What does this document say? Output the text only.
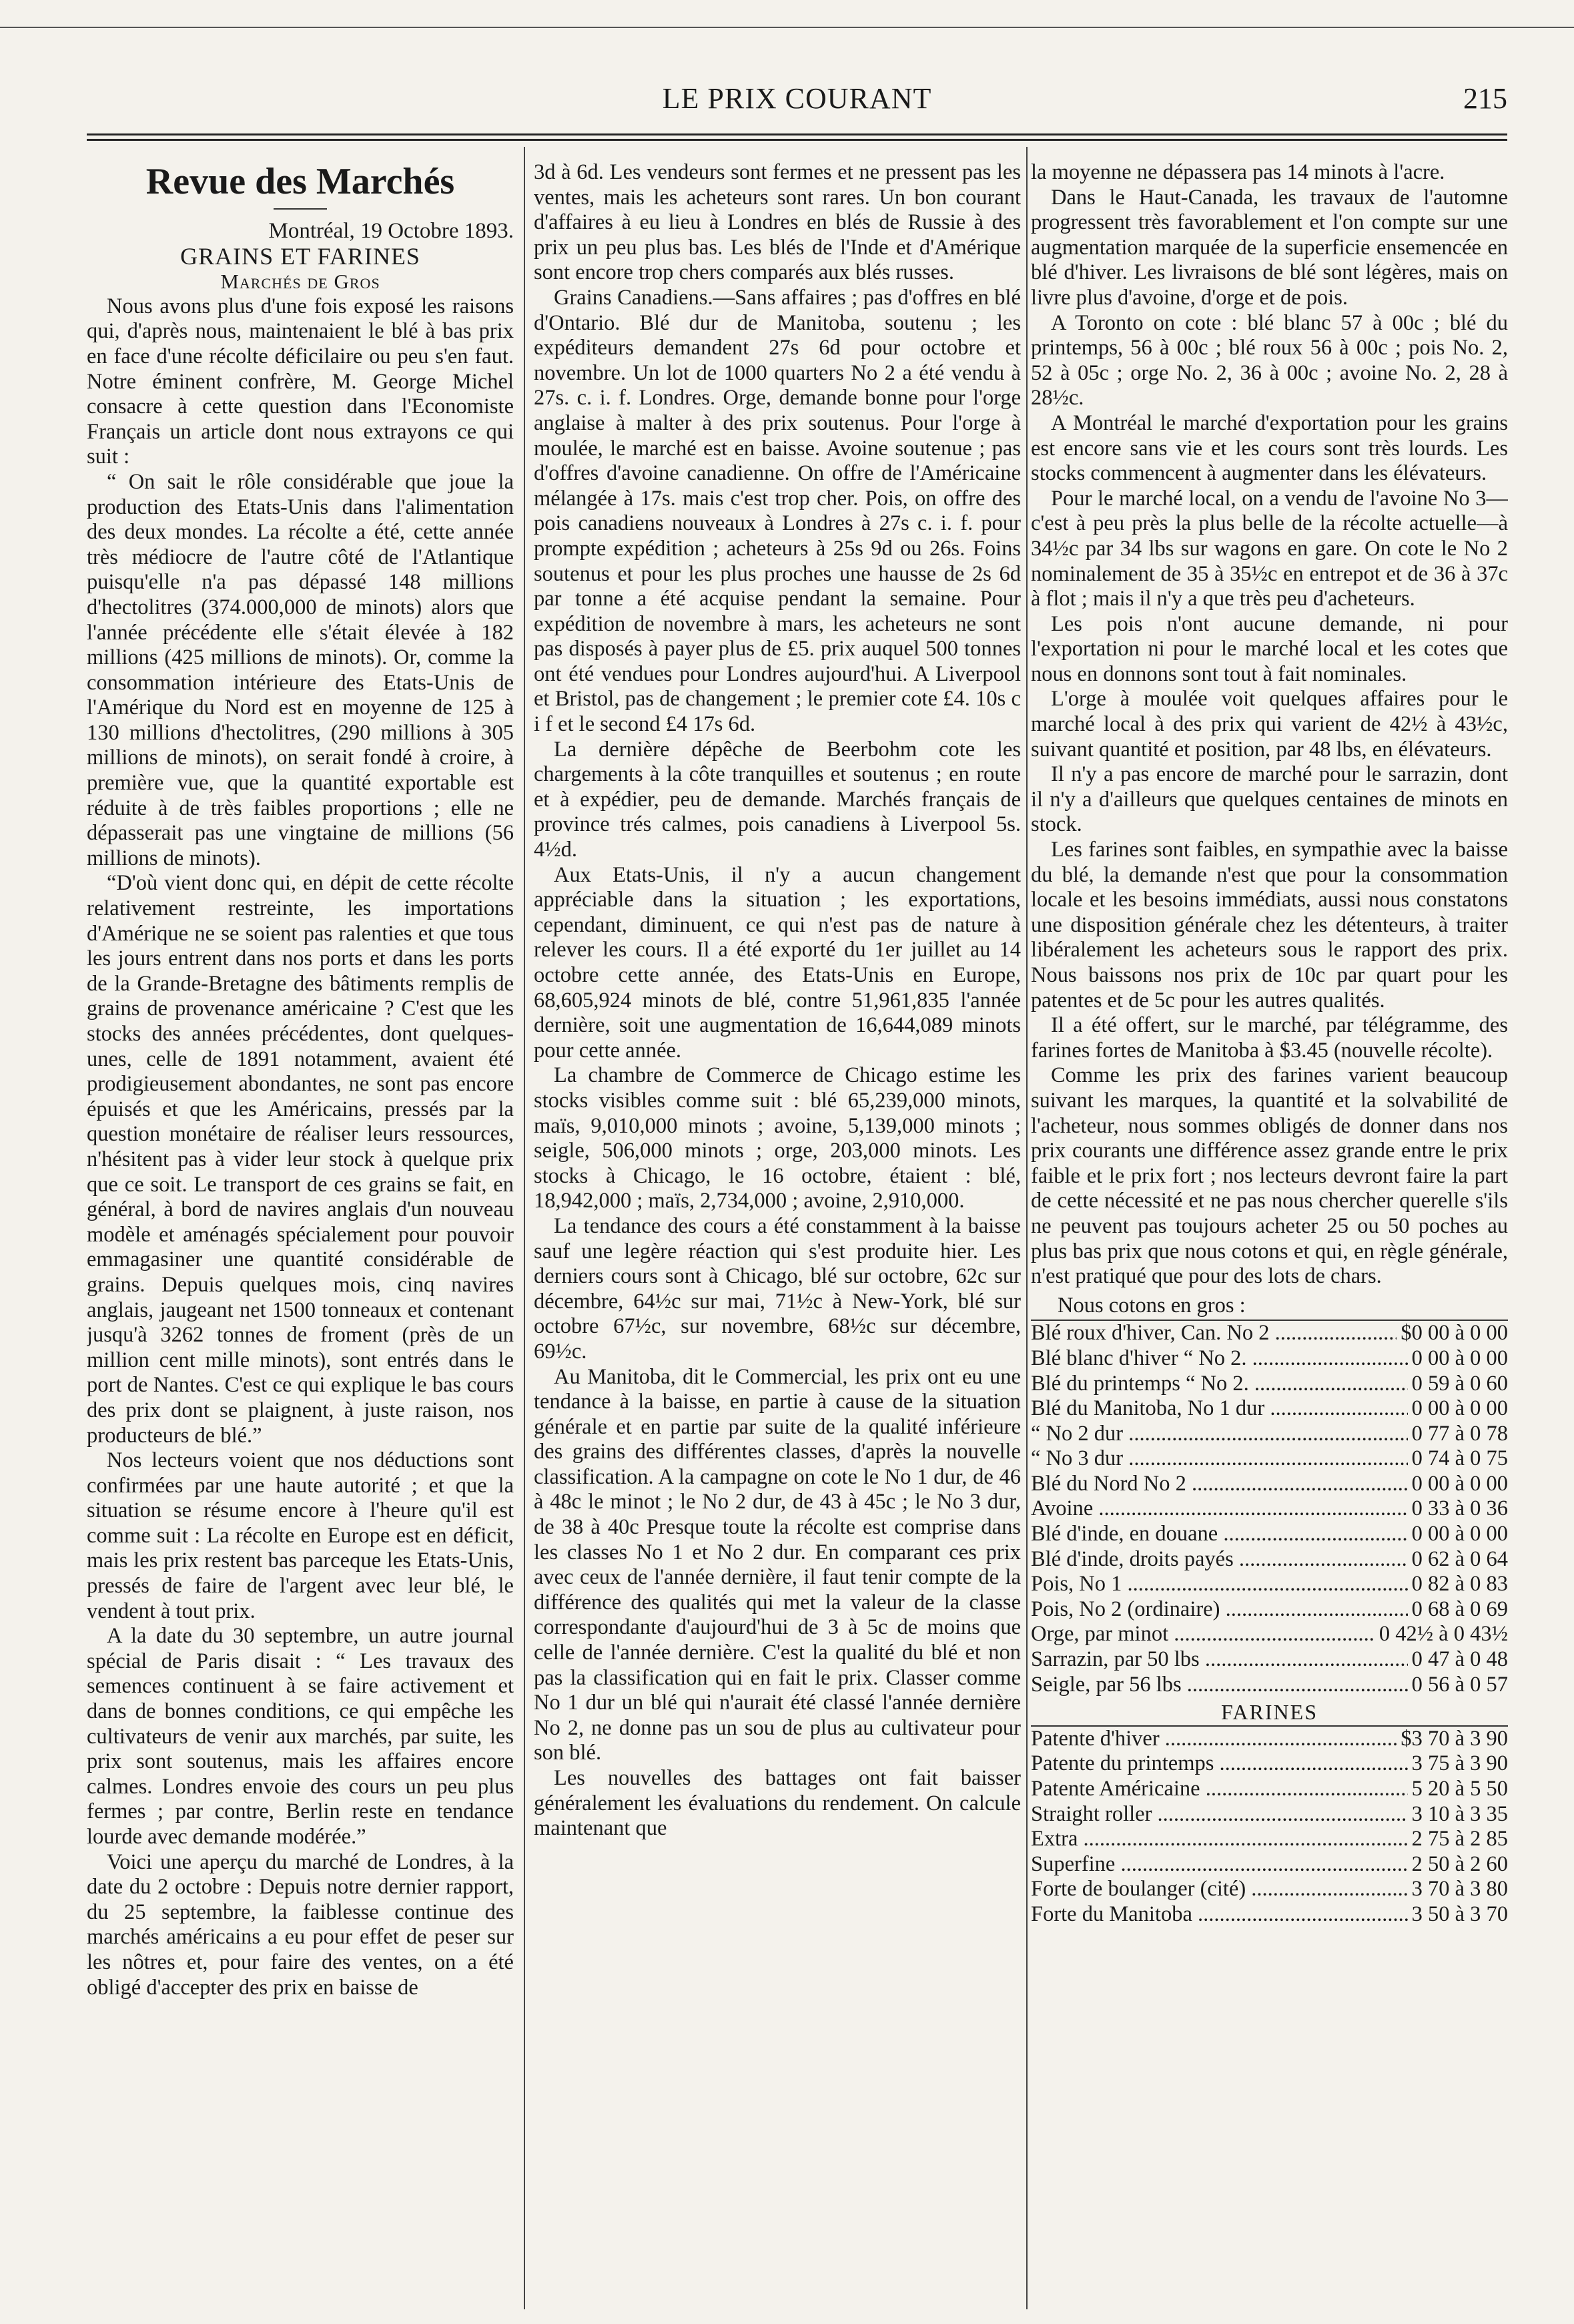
LE PRIX COURANT	215
Revue des Marchés
Montréal, 19 Octobre 1893.
GRAINS ET FARINES
Marchés de Gros

Nous avons plus d'une fois exposé les raisons qui, d'après nous, maintenaient le blé à bas prix en face d'une récolte déficilaire ou peu s'en faut. Notre éminent confrère, M. George Michel consacre à cette question dans l'Economiste Français un article dont nous extrayons ce qui suit :

“ On sait le rôle considérable que joue la production des Etats-Unis dans l'alimentation des deux mondes. La récolte a été, cette année très médiocre de l'autre côté de l'Atlantique puisqu'elle n'a pas dépassé 148 millions d'hectolitres (374.000,000 de minots) alors que l'année précédente elle s'était élevée à 182 millions (425 millions de minots). Or, comme la consommation intérieure des Etats-Unis de l'Amérique du Nord est en moyenne de 125 à 130 millions d'hectolitres, (290 millions à 305 millions de minots), on serait fondé à croire, à première vue, que la quantité exportable est réduite à de très faibles proportions ; elle ne dépasserait pas une vingtaine de millions (56 millions de minots).

“D'où vient donc qui, en dépit de cette récolte relativement restreinte, les importations d'Amérique ne se soient pas ralenties et que tous les jours entrent dans nos ports et dans les ports de la Grande-Bretagne des bâtiments remplis de grains de provenance américaine ? C'est que les stocks des années précédentes, dont quelques-unes, celle de 1891 notamment, avaient été prodigieusement abondantes, ne sont pas encore épuisés et que les Américains, pressés par la question monétaire de réaliser leurs ressources, n'hésitent pas à vider leur stock à quelque prix que ce soit. Le transport de ces grains se fait, en général, à bord de navires anglais d'un nouveau modèle et aménagés spécialement pour pouvoir emmagasiner une quantité considérable de grains. Depuis quelques mois, cinq navires anglais, jaugeant net 1500 tonneaux et contenant jusqu'à 3262 tonnes de froment (près de un million cent mille minots), sont entrés dans le port de Nantes. C'est ce qui explique le bas cours des prix dont se plaignent, à juste raison, nos producteurs de blé.”

Nos lecteurs voient que nos déductions sont confirmées par une haute autorité ; et que la situation se résume encore à l'heure qu'il est comme suit : La récolte en Europe est en déficit, mais les prix restent bas parceque les Etats-Unis, pressés de faire de l'argent avec leur blé, le vendent à tout prix.

A la date du 30 septembre, un autre journal spécial de Paris disait : “ Les travaux des semences continuent à se faire activement et dans de bonnes conditions, ce qui empêche les cultivateurs de venir aux marchés, par suite, les prix sont soutenus, mais les affaires encore calmes. Londres envoie des cours un peu plus fermes ; par contre, Berlin reste en tendance lourde avec demande modérée.”

Voici une aperçu du marché de Londres, à la date du 2 octobre : Depuis notre dernier rapport, du 25 septembre, la faiblesse continue des marchés américains a eu pour effet de peser sur les nôtres et, pour faire des ventes, on a été obligé d'accepter des prix en baisse de

3d à 6d. Les vendeurs sont fermes et ne pressent pas les ventes, mais les acheteurs sont rares. Un bon courant d'affaires à eu lieu à Londres en blés de Russie à des prix un peu plus bas. Les blés de l'Inde et d'Amérique sont encore trop chers comparés aux blés russes.

Grains Canadiens.—Sans affaires ; pas d'offres en blé d'Ontario. Blé dur de Manitoba, soutenu ; les expéditeurs demandent 27s 6d pour octobre et novembre. Un lot de 1000 quarters No 2 a été vendu à 27s. c. i. f. Londres. Orge, demande bonne pour l'orge anglaise à malter à des prix soutenus. Pour l'orge à moulée, le marché est en baisse. Avoine soutenue ; pas d'offres d'avoine canadienne. On offre de l'Américaine mélangée à 17s. mais c'est trop cher. Pois, on offre des pois canadiens nouveaux à Londres à 27s c. i. f. pour prompte expédition ; acheteurs à 25s 9d ou 26s. Foins soutenus et pour les plus proches une hausse de 2s 6d par tonne a été acquise pendant la semaine. Pour expédition de novembre à mars, les acheteurs ne sont pas disposés à payer plus de £5. prix auquel 500 tonnes ont été vendues pour Londres aujourd'hui. A Liverpool et Bristol, pas de changement ; le premier cote £4. 10s c i f et le second £4 17s 6d.

La dernière dépêche de Beerbohm cote les chargements à la côte tranquilles et soutenus ; en route et à expédier, peu de demande. Marchés français de province trés calmes, pois canadiens à Liverpool 5s. 4½d.

Aux Etats-Unis, il n'y a aucun changement appréciable dans la situation ; les exportations, cependant, diminuent, ce qui n'est pas de nature à relever les cours. Il a été exporté du 1er juillet au 14 octobre cette année, des Etats-Unis en Europe, 68,605,924 minots de blé, contre 51,961,835 l'année dernière, soit une augmentation de 16,644,089 minots pour cette année.

La chambre de Commerce de Chicago estime les stocks visibles comme suit : blé 65,239,000 minots, maïs, 9,010,000 minots ; avoine, 5,139,000 minots ; seigle, 506,000 minots ; orge, 203,000 minots. Les stocks à Chicago, le 16 octobre, étaient : blé, 18,942,000 ; maïs, 2,734,000 ; avoine, 2,910,000.

La tendance des cours a été constamment à la baisse sauf une legère réaction qui s'est produite hier. Les derniers cours sont à Chicago, blé sur octobre, 62c sur décembre, 64½c sur mai, 71½c à New-York, blé sur octobre 67½c, sur novembre, 68½c sur décembre, 69½c.

Au Manitoba, dit le Commercial, les prix ont eu une tendance à la baisse, en partie à cause de la situation générale et en partie par suite de la qualité inférieure des grains des différentes classes, d'après la nouvelle classification. A la campagne on cote le No 1 dur, de 46 à 48c le minot ; le No 2 dur, de 43 à 45c ; le No 3 dur, de 38 à 40c Presque toute la récolte est comprise dans les classes No 1 et No 2 dur. En comparant ces prix avec ceux de l'année dernière, il faut tenir compte de la différence des qualités qui met la valeur de la classe correspondante d'aujourd'hui de 3 à 5c de moins que celle de l'année dernière. C'est la qualité du blé et non pas la classification qui en fait le prix. Classer comme No 1 dur un blé qui n'aurait été classé l'année dernière No 2, ne donne pas un sou de plus au cultivateur pour son blé.

Les nouvelles des battages ont fait baisser généralement les évaluations du rendement. On calcule maintenant que

la moyenne ne dépassera pas 14 minots à l'acre.

Dans le Haut-Canada, les travaux de l'automne progressent très favorablement et l'on compte sur une augmentation marquée de la superficie ensemencée en blé d'hiver. Les livraisons de blé sont légères, mais on livre plus d'avoine, d'orge et de pois.

A Toronto on cote : blé blanc 57 à 00c ; blé du printemps, 56 à 00c ; blé roux 56 à 00c ; pois No. 2, 52 à 05c ; orge No. 2, 36 à 00c ; avoine No. 2, 28 à 28½c.

A Montréal le marché d'exportation pour les grains est encore sans vie et les cours sont très lourds. Les stocks commencent à augmenter dans les élévateurs.

Pour le marché local, on a vendu de l'avoine No 3—c'est à peu près la plus belle de la récolte actuelle—à 34½c par 34 lbs sur wagons en gare. On cote le No 2 nominalement de 35 à 35½c en entrepot et de 36 à 37c à flot ; mais il n'y a que très peu d'acheteurs.

Les pois n'ont aucune demande, ni pour l'exportation ni pour le marché local et les cotes que nous en donnons sont tout à fait nominales.

L'orge à moulée voit quelques affaires pour le marché local à des prix qui varient de 42½ à 43½c, suivant quantité et position, par 48 lbs, en élévateurs.

Il n'y a pas encore de marché pour le sarrazin, dont il n'y a d'ailleurs que quelques centaines de minots en stock.

Les farines sont faibles, en sympathie avec la baisse du blé, la demande n'est que pour la consommation locale et les besoins immédiats, aussi nous constatons une disposition générale chez les détenteurs, à traiter libéralement les acheteurs sous le rapport des prix. Nous baissons nos prix de 10c par quart pour les patentes et de 5c pour les autres qualités.

Il a été offert, sur le marché, par télégramme, des farines fortes de Manitoba à $3.45 (nouvelle récolte).

Comme les prix des farines varient beaucoup suivant les marques, la quantité et la solvabilité de l'acheteur, nous sommes obligés de donner dans nos prix courants une différence assez grande entre le prix faible et le prix fort ; nos lecteurs devront faire la part de cette nécessité et ne pas nous chercher querelle s'ils ne peuvent pas toujours acheter 25 ou 50 poches au plus bas prix que nous cotons et qui, en règle générale, n'est pratiqué que pour des lots de chars.

Nous cotons en gros :
Blé roux d'hiver, Can. No 2 .....	$0 00 à 0 00
Blé blanc d'hiver “ No 2. .....	0 00 à 0 00
Blé du printemps “ No 2. .....	0 59 à 0 60
Blé du Manitoba, No 1 dur .....	0 00 à 0 00
“ No 2 dur .....	0 77 à 0 78
“ No 3 dur .....	0 74 à 0 75
Blé du Nord No 2 .....	0 00 à 0 00
Avoine .....	0 33 à 0 36
Blé d'inde, en douane .....	0 00 à 0 00
Blé d'inde, droits payés .....	0 62 à 0 64
Pois, No 1 .....	0 82 à 0 83
Pois, No 2 (ordinaire) .....	0 68 à 0 69
Orge, par minot .....	0 42½ à 0 43½
Sarrazin, par 50 lbs .....	0 47 à 0 48
Seigle, par 56 lbs .....	0 56 à 0 57
FARINES
Patente d'hiver .....	$3 70 à 3 90
Patente du printemps .....	3 75 à 3 90
Patente Américaine .....	5 20 à 5 50
Straight roller .....	3 10 à 3 35
Extra .....	2 75 à 2 85
Superfine .....	2 50 à 2 60
Forte de boulanger (cité) .....	3 70 à 3 80
Forte du Manitoba .....	3 50 à 3 70
